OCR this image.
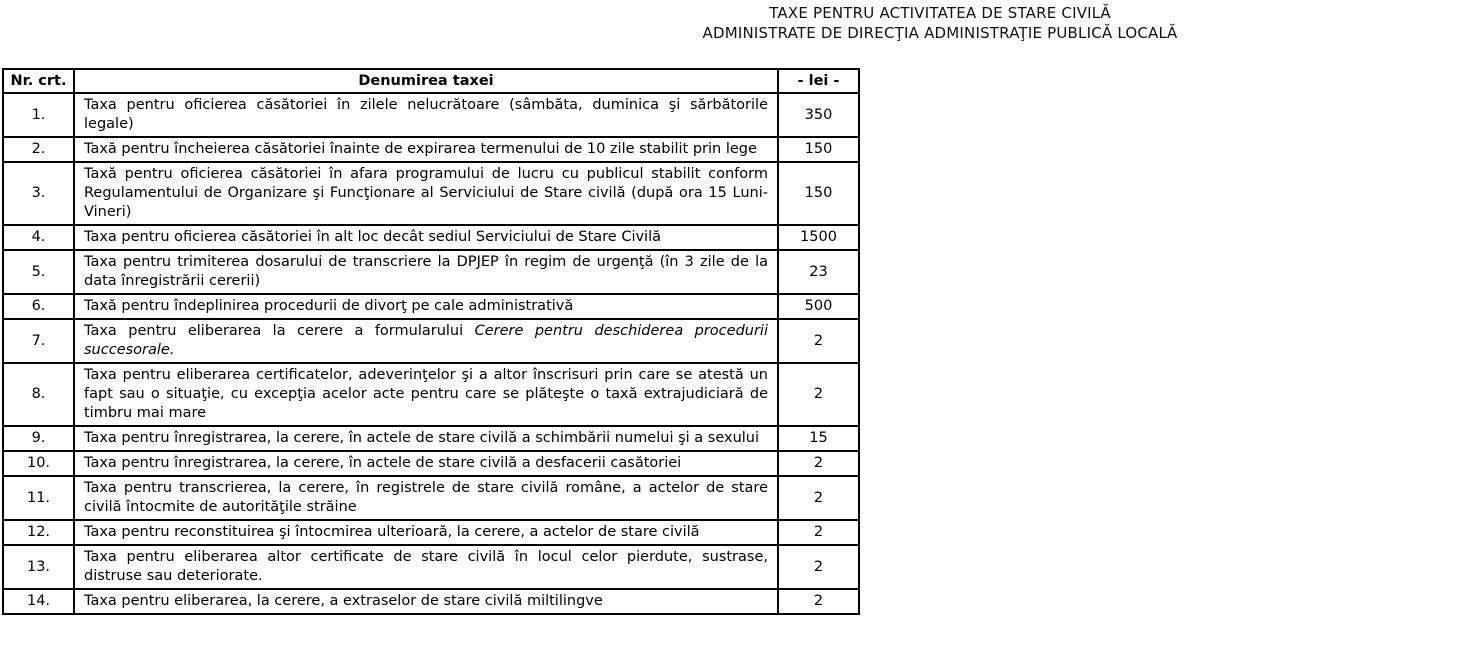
TAXE PENTRU ACTIVITATEA DE STARE CIVILĂ
ADMINISTRATE DE DIRECŢIA ADMINISTRAŢIE PUBLICĂ LOCALĂ
Nr. crt.	Denumirea taxei	- lei -
1.	Taxa pentru oficierea căsătoriei în zilele nelucrătoare (sâmbăta, duminica şi sărbătorile legale)	350
2.	Taxă pentru încheierea căsătoriei înainte de expirarea termenului de 10 zile stabilit prin lege	150
3.	Taxă pentru oficierea căsătoriei în afara programului de lucru cu publicul stabilit conform Regulamentului de Organizare şi Funcţionare al Serviciului de Stare civilă (după ora 15 Luni-Vineri)	150
4.	Taxa pentru oficierea căsătoriei în alt loc decât sediul Serviciului de Stare Civilă	1500
5.	Taxa pentru trimiterea dosarului de transcriere la DPJEP în regim de urgenţă (în 3 zile de la data înregistrării cererii)	23
6.	Taxă pentru îndeplinirea procedurii de divorţ pe cale administrativă	500
7.	Taxa pentru eliberarea la cerere a formularului Cerere pentru deschiderea procedurii succesorale.	2
8.	Taxa pentru eliberarea certificatelor, adeverinţelor şi a altor înscrisuri prin care se atestă un fapt sau o situaţie, cu excepţia acelor acte pentru care se plăteşte o taxă extrajudiciară de timbru mai mare	2
9.	Taxa pentru înregistrarea, la cerere, în actele de stare civilă a schimbării numelui şi a sexului	15
10.	Taxa pentru înregistrarea, la cerere, în actele de stare civilă a desfacerii casătoriei	2
11.	Taxa pentru transcrierea, la cerere, în registrele de stare civilă române, a actelor de stare civilă întocmite de autorităţile străine	2
12.	Taxa pentru reconstituirea şi întocmirea ulterioară, la cerere, a actelor de stare civilă	2
13.	Taxa pentru eliberarea altor certificate de stare civilă în locul celor pierdute, sustrase, distruse sau deteriorate.	2
14.	Taxa pentru eliberarea, la cerere, a extraselor de stare civilă miltilingve	2
